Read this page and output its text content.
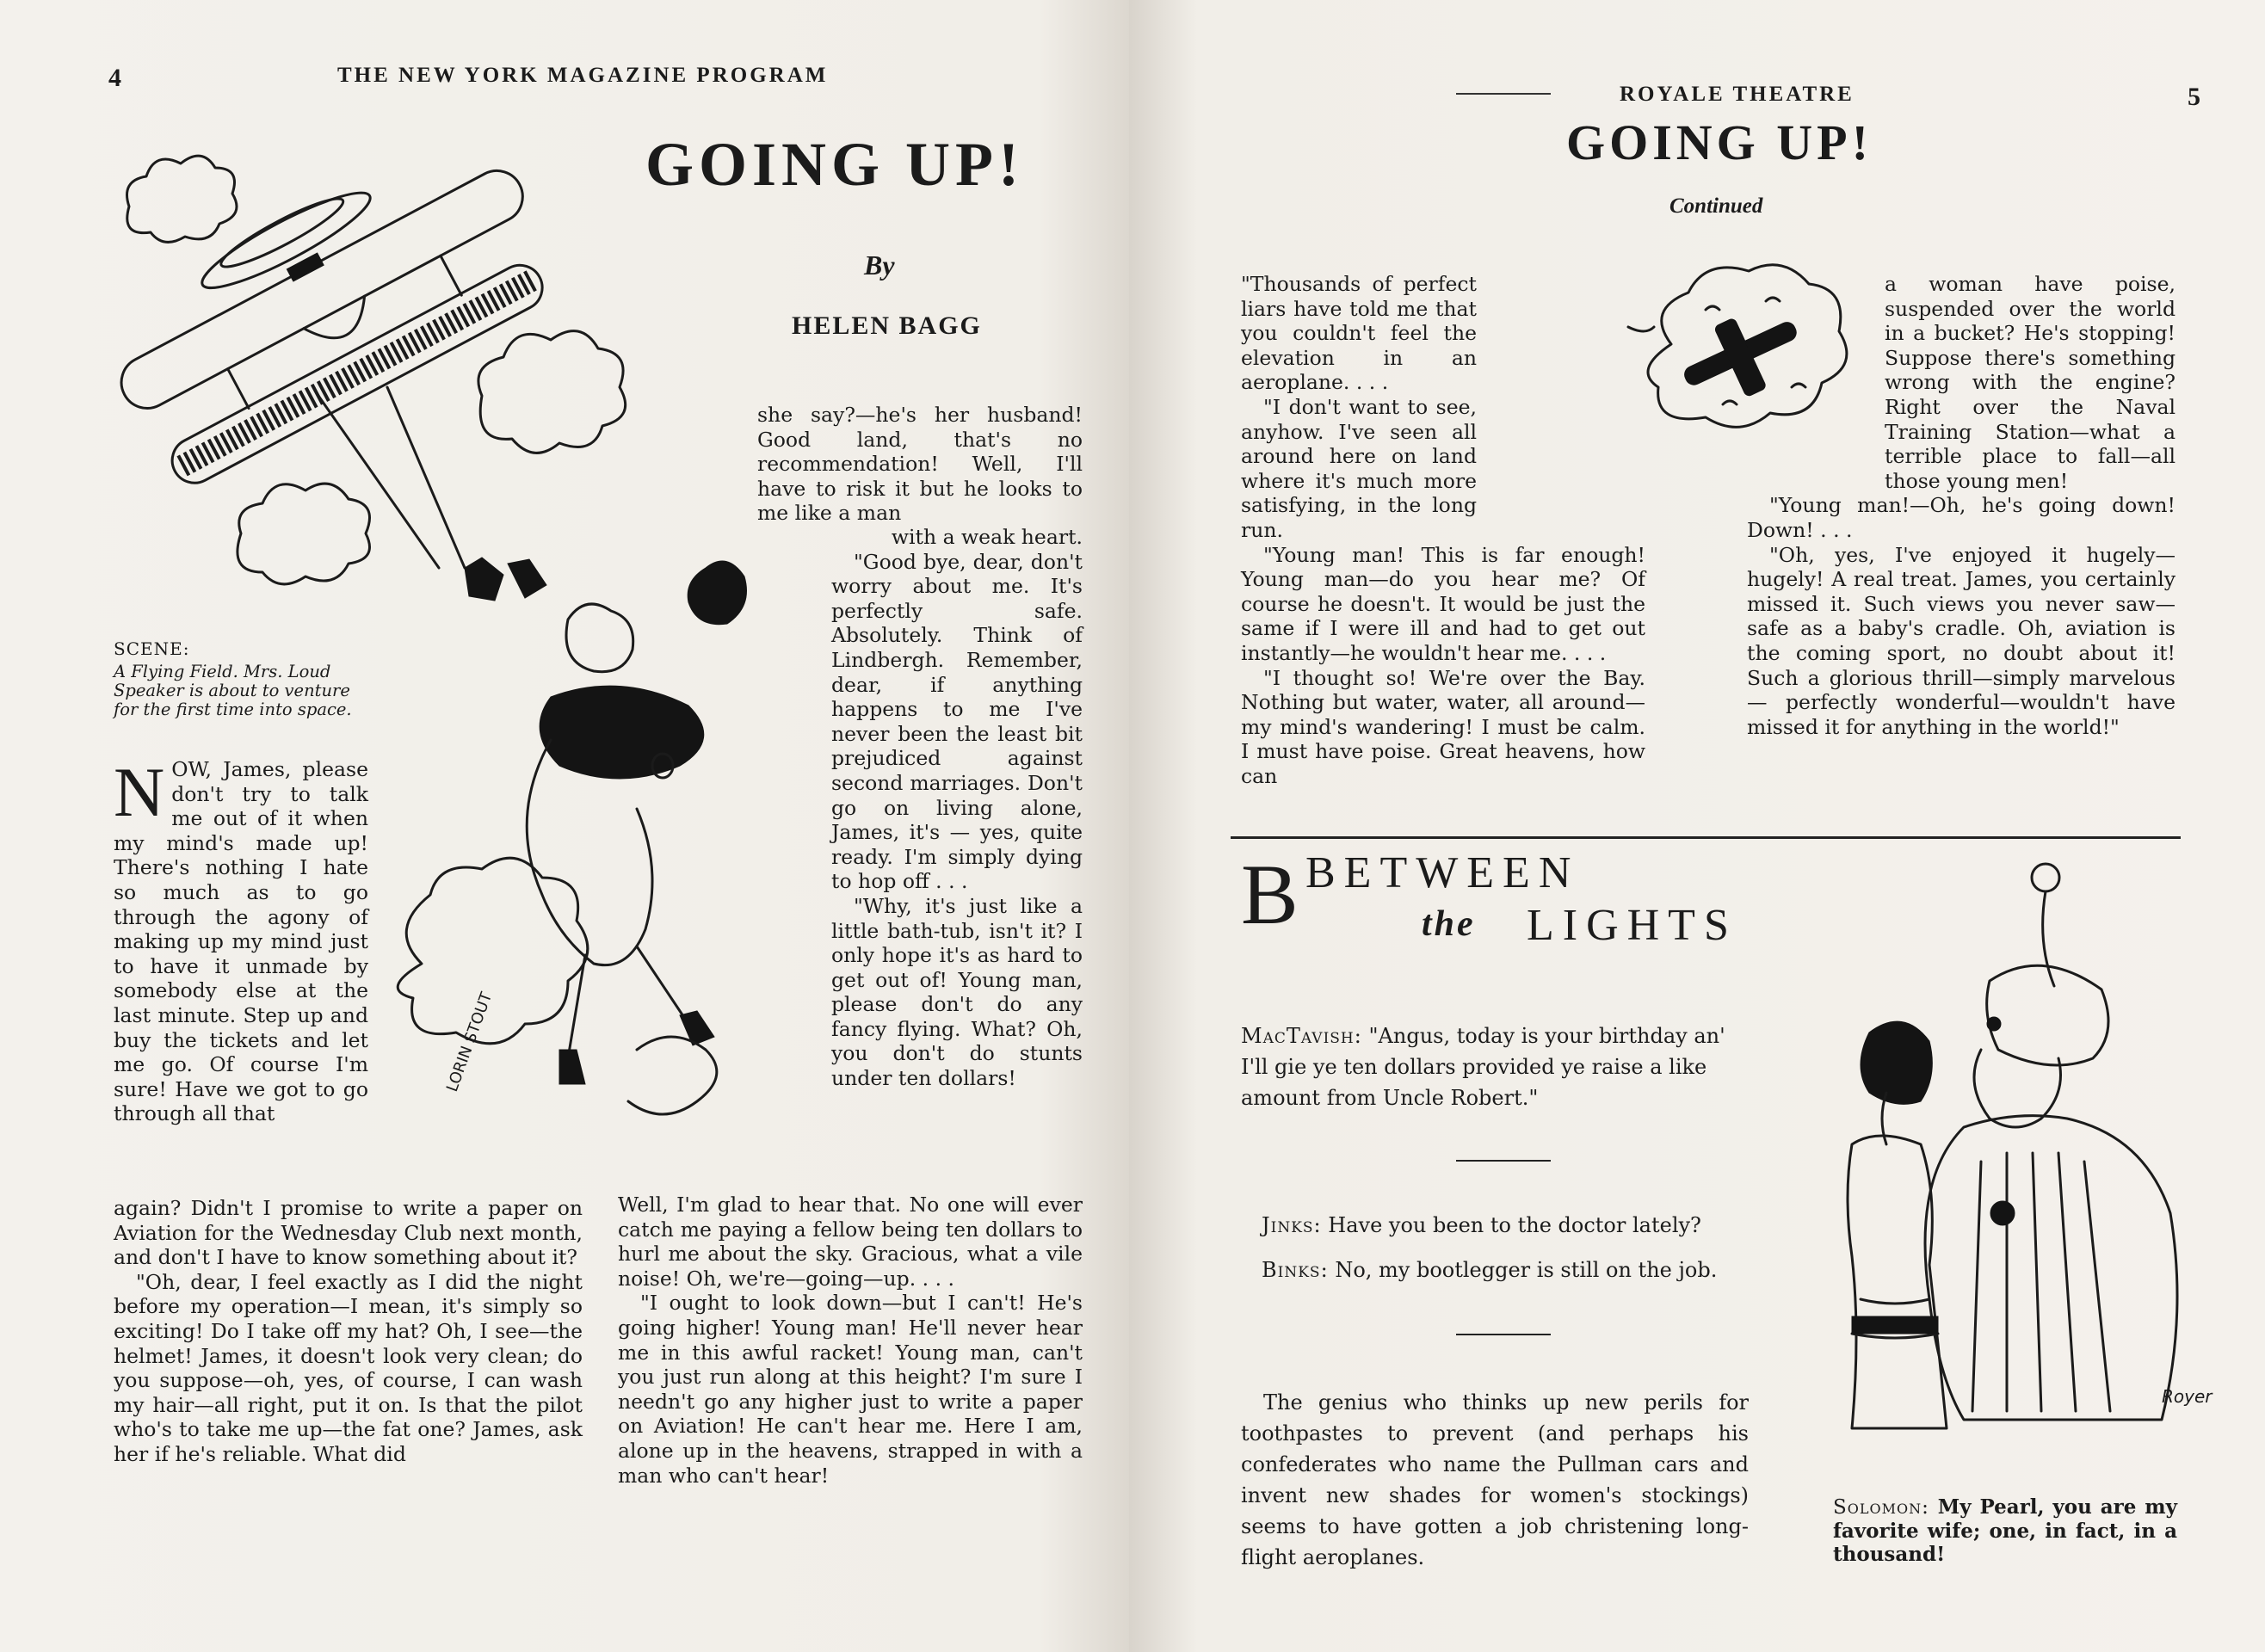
4	THE NEW YORK MAGAZINE PROGRAM
GOING UP!
By
HELEN BAGG
LORIN STOUT
SCENE:
A Flying Field. Mrs. Loud Speaker is about to venture for the first time into space.

NOW, James, please don't try to talk me out of it when my mind's made up! There's nothing I hate so much as to go through the agony of making up my mind just to have it unmade by somebody else at the last minute. Step up and buy the tickets and let me go. Of course I'm sure! Have we got to go through all that

again? Didn't I promise to write a paper on Aviation for the Wednesday Club next month, and don't I have to know something about it?

"Oh, dear, I feel exactly as I did the night before my operation—I mean, it's simply so exciting! Do I take off my hat? Oh, I see—the helmet! James, it doesn't look very clean; do you suppose—oh, yes, of course, I can wash my hair—all right, put it on. Is that the pilot who's to take me up—the fat one? James, ask her if he's reliable. What did

she say?—he's her husband! Good land, that's no recommendation! Well, I'll have to risk it but he looks to me like a man

with a weak heart.

"Good bye, dear, don't worry about me. It's perfectly safe. Absolutely. Think of Lindbergh. Remember, dear, if anything happens to me I've never been the least bit prejudiced against second marriages. Don't go on living alone, James, it's — yes, quite ready. I'm simply dying to hop off . . .

"Why, it's just like a little bath-tub, isn't it? I only hope it's as hard to get out of! Young man, please don't do any fancy flying. What? Oh, you don't do stunts under ten dollars!

Well, I'm glad to hear that. No one will ever catch me paying a fellow being ten dollars to hurl me about the sky. Gracious, what a vile noise! Oh, we're—going—up. . . .

"I ought to look down—but I can't! He's going higher! Young man! He'll never hear me in this awful racket! Young man, can't you just run along at this height? I'm sure I needn't go any higher just to write a paper on Aviation! He can't hear me. Here I am, alone up in the heavens, strapped in with a man who can't hear!

ROYALE THEATRE	5
GOING UP!
Continued

"Thousands of perfect liars have told me that you couldn't feel the elevation in an aeroplane. . . .

"I don't want to see, anyhow. I've seen all around here on land where it's much more satisfying, in the long run.

"Young man! This is far enough! Young man—do you hear me? Of course he doesn't. It would be just the same if I were ill and had to get out instantly—he wouldn't hear me. . . .

"I thought so! We're over the Bay. Nothing but water, water, all around—my mind's wandering! I must be calm. I must have poise. Great heavens, how can

a woman have poise, suspended over the world in a bucket? He's stopping! Suppose there's something wrong with the engine? Right over the Naval Training Station—what a terrible place to fall—all those young men!

"Young man!—Oh, he's going down! Down! . . .

"Oh, yes, I've enjoyed it hugely—hugely! A real treat. James, you certainly missed it. Such views you never saw—safe as a baby's cradle. Oh, aviation is the coming sport, no doubt about it! Such a glorious thrill—simply marvelous — perfectly wonderful—wouldn't have missed it for anything in the world!"

B BETWEEN
the LIGHTS
MacTavish: "Angus, today is your birthday an' I'll gie ye ten dollars provided ye raise a like amount from Uncle Robert."
Jinks: Have you been to the doctor lately?
Binks: No, my bootlegger is still on the job.

The genius who thinks up new perils for toothpastes to prevent (and perhaps his confederates who name the Pullman cars and invent new shades for women's stockings) seems to have gotten a job christening long-flight aeroplanes.

Royer
Solomon: My Pearl, you are my favorite wife; one, in fact, in a thousand!
